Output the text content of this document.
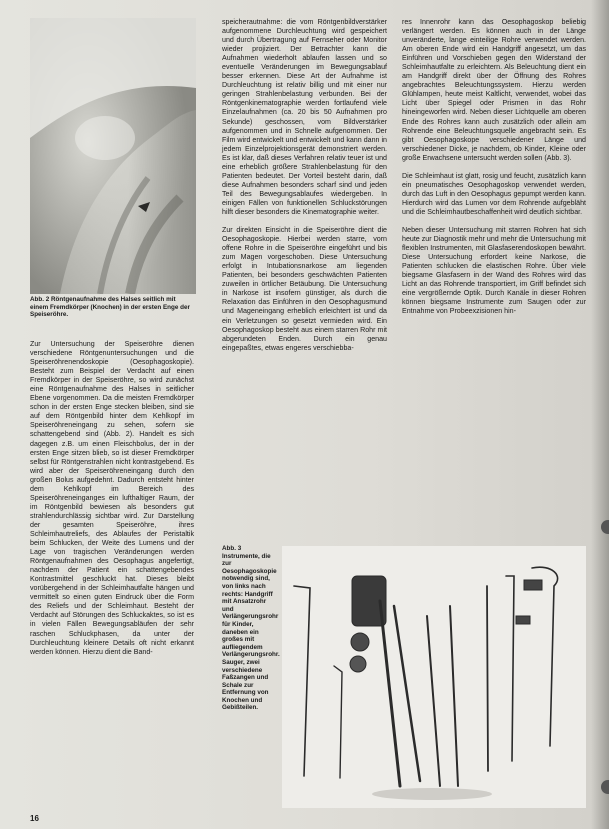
Abb. 2 Röntgenaufnahme des Halses seitlich mit einem Fremdkörper (Knochen) in der ersten Enge der Speiseröhre.

Zur Untersuchung der Speiseröhre dienen verschiedene Röntgenuntersuchungen und die Speiseröhrenendoskopie (Oesophagoskopie). Besteht zum Beispiel der Verdacht auf einen Fremdkörper in der Speiseröhre, so wird zunächst eine Röntgenaufnahme des Halses in seitlicher Ebene vorgenommen. Da die meisten Fremdkörper schon in der ersten Enge stecken bleiben, sind sie auf dem Röntgenbild hinter dem Kehlkopf im Speiseröhreneingang zu sehen, sofern sie schattengebend sind (Abb. 2). Handelt es sich dagegen z.B. um einen Fleischbolus, der in der ersten Enge sitzen blieb, so ist dieser Fremdkörper selbst für Röntgenstrahlen nicht kontrastgebend. Es wird aber der Speiseröhreneingang durch den großen Bolus aufgedehnt. Dadurch entsteht hinter dem Kehlkopf im Bereich des Speiseröhreneinganges ein lufthaltiger Raum, der im Röntgenbild bewiesen als besonders gut strahlendurchlässig sichtbar wird. Zur Darstellung der gesamten Speiseröhre, ihres Schleimhautreliefs, des Ablaufes der Peristaltik beim Schlucken, der Weite des Lumens und der Lage von tragischen Veränderungen werden Röntgenaufnahmen des Oesophagus angefertigt, nachdem der Patient ein schattengebendes Kontrastmittel geschluckt hat. Dieses bleibt vorübergehend in der Schleimhautfalte hängen und vermittelt so einen guten Eindruck über die Form des Reliefs und der Schleimhaut. Besteht der Verdacht auf Störungen des Schluckaktes, so ist es in vielen Fällen Bewegungsabläufen der sehr raschen Schluckphasen, da unter der Durchleuchtung kleinere Details oft nicht erkannt werden können. Hierzu dient die Band-

speicherautnahme: die vom Röntgenbildverstärker aufgenommene Durchleuchtung wird gespeichert und durch Übertragung auf Fernseher oder Monitor wieder projiziert. Der Betrachter kann die Aufnahmen wiederholt ablaufen lassen und so eventuelle Veränderungen im Bewegungsablauf besser erkennen. Diese Art der Aufnahme ist Durchleuchtung ist relativ billig und mit einer nur geringen Strahlenbelastung verbunden. Bei der Röntgenkinematographie werden fortlaufend viele Einzelaufnahmen (ca. 20 bis 50 Aufnahmen pro Sekunde) geschossen, vom Bildverstärker aufgenommen und in Schnelle aufgenommen. Der Film wird entwickelt und entwickelt und kann dann in jedem Einzelprojektionsgerät demonstriert werden. Es ist klar, daß dieses Verfahren relativ teuer ist und eine erheblich größere Strahlenbelastung für den Patienten bedeutet. Der Vorteil besteht darin, daß diese Aufnahmen besonders scharf sind und jeden Teil des Bewegungsablaufes wiedergeben. In einigen Fällen von funktionellen Schluckstörungen hilft dieser besonders die Kinematographie weiter.

Zur direkten Einsicht in die Speiseröhre dient die Oesophagoskopie. Hierbei werden starre, vorn offene Rohre in die Speiseröhre eingeführt und bis zum Magen vorgeschoben. Diese Untersuchung erfolgt in Intubationsnarkose am liegenden Patienten, bei besonders geschwächten Patienten zuweilen in örtlicher Betäubung. Die Untersuchung in Narkose ist insofern günstiger, als durch die Relaxation das Einführen in den Oesophagusmund und Mageneingang erheblich erleichtert ist und da ein Verletzungen so gesetzt vermieden wird. Ein Oesophagoskop besteht aus einem starren Rohr mit abgerundeten Enden. Durch ein genau eingepaßtes, etwas engeres verschiebba-

res Innenrohr kann das Oesophagoskop beliebig verlängert werden. Es können auch in der Länge unveränderte, lange einteilige Rohre verwendet werden. Am oberen Ende wird ein Handgriff angesetzt, um das Einführen und Vorschieben gegen den Widerstand der Schleimhautfalte zu erleichtern. Als Beleuchtung dient ein am Handgriff direkt über der Öffnung des Rohres angebrachtes Beleuchtungssystem. Hierzu werden Glühlampen, heute meist Kaltlicht, verwendet, wobei das Licht über Spiegel oder Prismen in das Rohr hineingeworfen wird. Neben dieser Lichtquelle am oberen Ende des Rohres kann auch zusätzlich oder allein am Rohrende eine Beleuchtungsquelle angebracht sein. Es gibt Oesophagoskope verschiedener Länge und verschiedener Dicke, je nachdem, ob Kinder, Kleine oder große Erwachsene untersucht werden sollen (Abb. 3).

Die Schleimhaut ist glatt, rosig und feucht, zusätzlich kann ein pneumatisches Oesophagoskop verwendet werden, durch das Luft in den Oesophagus gepumpt werden kann. Hierdurch wird das Lumen vor dem Rohrende aufgebläht und die Schleimhautbeschaffenheit wird deutlich sichtbar.

Neben dieser Untersuchung mit starren Rohren hat sich heute zur Diagnostik mehr und mehr die Untersuchung mit flexiblen Instrumenten, mit Glasfaserendoskopen bewährt. Diese Untersuchung erfordert keine Narkose, die Patienten schlucken die elastischen Rohre. Über viele biegsame Glasfasern in der Wand des Rohres wird das Licht an das Rohrende transportiert, im Griff befindet sich eine vergrößernde Optik. Durch Kanäle in dieser Rohren können biegsame Instrumente zum Saugen oder zur Entnahme von Probeexzisionen hin-

Abb. 3 Instrumente, die zur Oesophagoskopie notwendig sind, von links nach rechts: Handgriff mit Ansatzrohr und Verlängerungsrohr für Kinder, daneben ein großes mit aufliegendem Verlängerungsrohr. Sauger, zwei verschiedene Faßzangen und Schale zur Entfernung von Knochen und Gebißteilen.
16
